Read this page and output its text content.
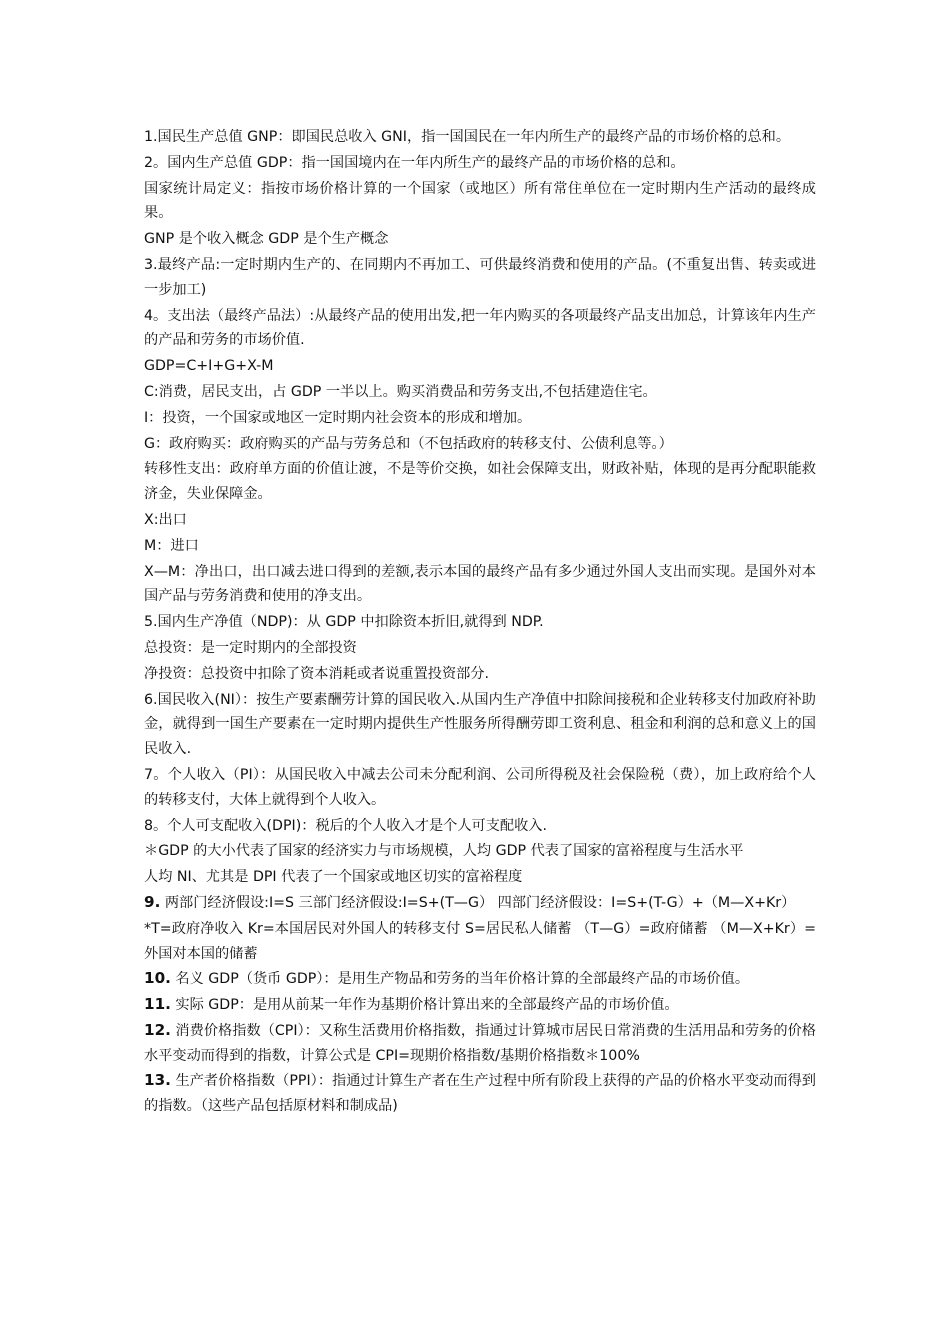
1.国民生产总值 GNP：即国民总收入 GNI，指一国国民在一年内所生产的最终产品的市场价格的总和。

2。国内生产总值 GDP：指一国国境内在一年内所生产的最终产品的市场价格的总和。

国家统计局定义：指按市场价格计算的一个国家（或地区）所有常住单位在一定时期内生产活动的最终成果。

GNP 是个收入概念 GDP 是个生产概念

3.最终产品:一定时期内生产的、在同期内不再加工、可供最终消费和使用的产品。(不重复出售、转卖或进一步加工)

4。支出法（最终产品法）:从最终产品的使用出发,把一年内购买的各项最终产品支出加总，计算该年内生产的产品和劳务的市场价值.

GDP=C+I+G+X-M

C:消费，居民支出，占 GDP 一半以上。购买消费品和劳务支出,不包括建造住宅。

I：投资，一个国家或地区一定时期内社会资本的形成和增加。

G：政府购买：政府购买的产品与劳务总和（不包括政府的转移支付、公债利息等。）

转移性支出：政府单方面的价值让渡，不是等价交换，如社会保障支出，财政补贴，体现的是再分配职能救济金，失业保障金。

X:出口

M：进口

X—M：净出口，出口减去进口得到的差额,表示本国的最终产品有多少通过外国人支出而实现。是国外对本国产品与劳务消费和使用的净支出。

5.国内生产净值（NDP)：从 GDP 中扣除资本折旧,就得到 NDP.

总投资：是一定时期内的全部投资

净投资：总投资中扣除了资本消耗或者说重置投资部分.

6.国民收入(NI）：按生产要素酬劳计算的国民收入.从国内生产净值中扣除间接税和企业转移支付加政府补助金，就得到一国生产要素在一定时期内提供生产性服务所得酬劳即工资利息、租金和利润的总和意义上的国民收入.

7。个人收入（PI）：从国民收入中减去公司未分配利润、公司所得税及社会保险税（费），加上政府给个人的转移支付，大体上就得到个人收入。

8。个人可支配收入(DPI)：税后的个人收入才是个人可支配收入.

＊GDP 的大小代表了国家的经济实力与市场规模，人均 GDP 代表了国家的富裕程度与生活水平

人均 NI、尤其是 DPI 代表了一个国家或地区切实的富裕程度

9. 两部门经济假设:I=S 三部门经济假设:I=S+(T—G） 四部门经济假设：I=S+(T-G）+（M—X+Kr）

*T=政府净收入 Kr=本国居民对外国人的转移支付 S=居民私人储蓄 （T—G）=政府储蓄 （M—X+Kr）=外国对本国的储蓄

10. 名义 GDP（货币 GDP）：是用生产物品和劳务的当年价格计算的全部最终产品的市场价值。

11. 实际 GDP：是用从前某一年作为基期价格计算出来的全部最终产品的市场价值。

12. 消费价格指数（CPI）：又称生活费用价格指数，指通过计算城市居民日常消费的生活用品和劳务的价格水平变动而得到的指数，计算公式是 CPI=现期价格指数/基期价格指数＊100%

13. 生产者价格指数（PPI）：指通过计算生产者在生产过程中所有阶段上获得的产品的价格水平变动而得到的指数。（这些产品包括原材料和制成品)
